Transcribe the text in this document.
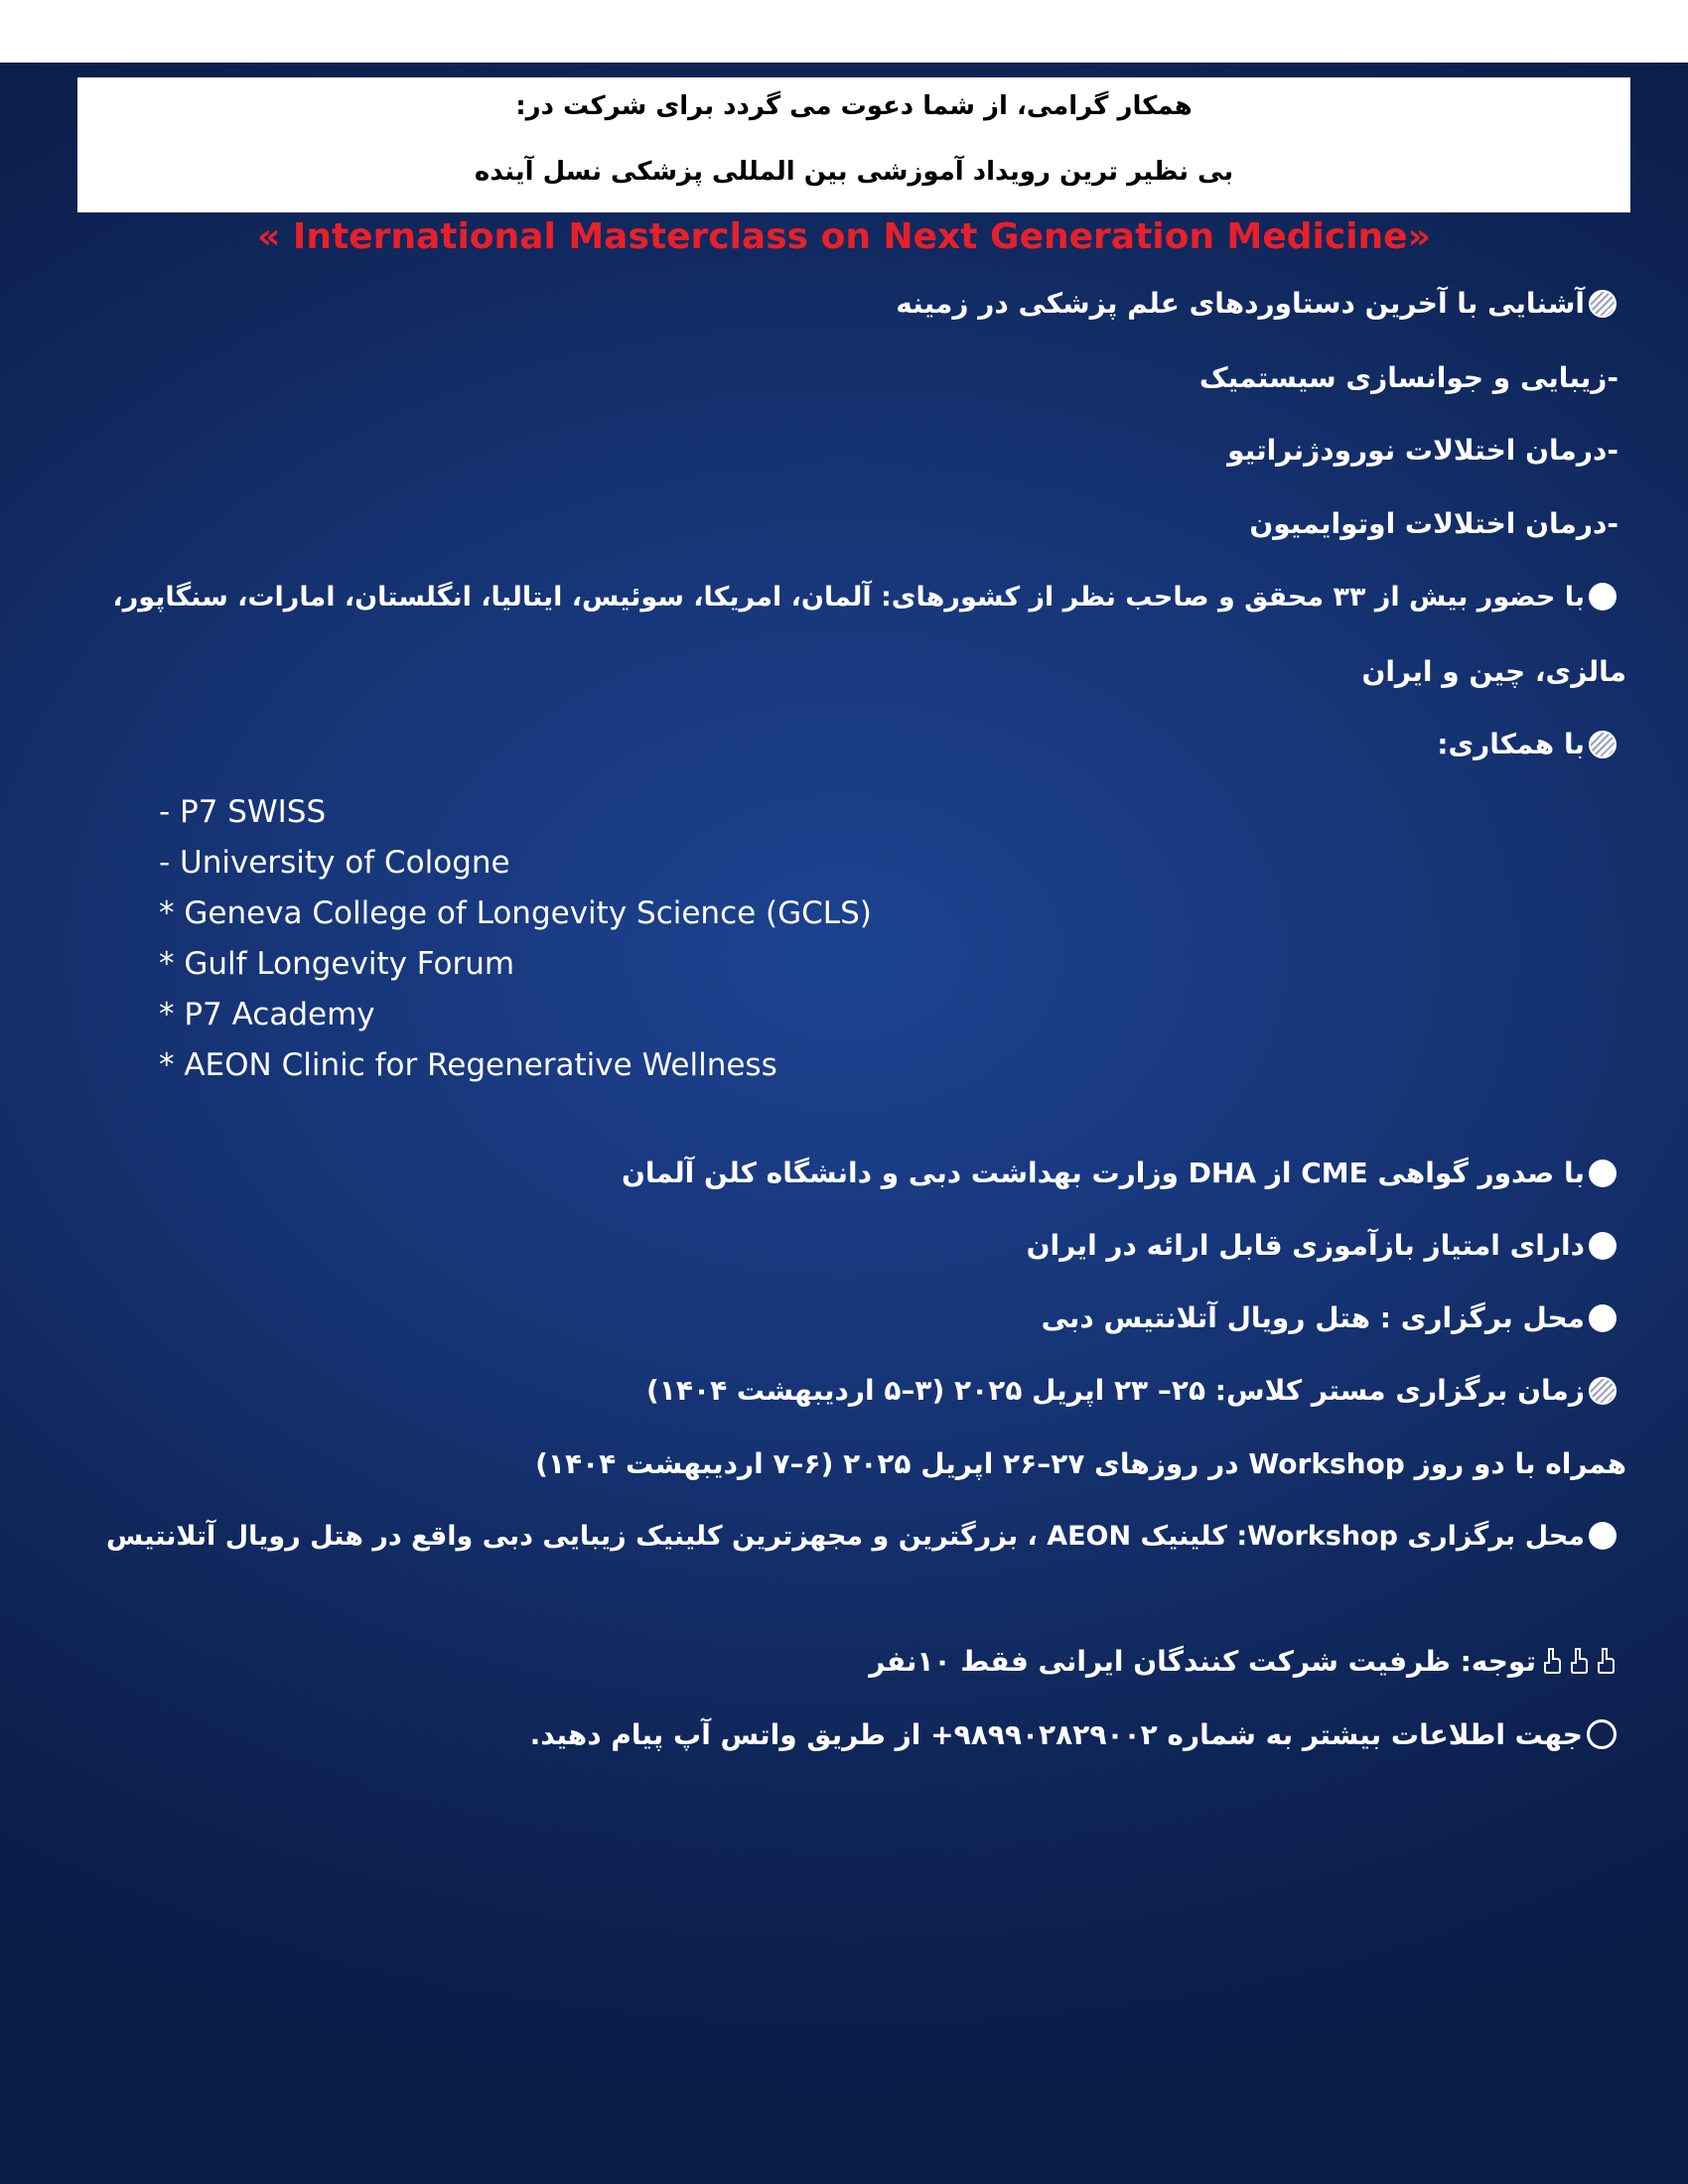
همکار گرامی، از شما دعوت می گردد برای شرکت در:
بی نظیر ترین رویداد آموزشی بین المللی پزشکی نسل آینده
« International Masterclass on Next Generation Medicine»
آشنایی با آخرین دستاوردهای علم پزشکی در زمینه
-زیبایی و جوانسازی سیستمیک
-درمان اختلالات نورودژنراتیو
-درمان اختلالات اوتوایمیون
با حضور بیش از ۳۳ محقق و صاحب نظر از کشورهای: آلمان، امریکا، سوئیس، ایتالیا، انگلستان، امارات، سنگاپور،
مالزی، چین و ایران
با همکاری:
- P7 SWISS
- University of Cologne
* Geneva College of Longevity Science (GCLS)
* Gulf Longevity Forum
* P7 Academy
* AEON Clinic for Regenerative Wellness
با صدور گواهی CME از DHA وزارت بهداشت دبی و دانشگاه کلن آلمان
دارای امتیاز بازآموزی قابل ارائه در ایران
محل برگزاری : هتل رویال آتلانتیس دبی
زمان برگزاری مستر کلاس: ۲۵– ۲۳ اپریل ۲۰۲۵ (۳–۵ اردیبهشت ۱۴۰۴)
همراه با دو روز Workshop در روزهای ۲۷–۲۶ اپریل ۲۰۲۵ (۶–۷ اردیبهشت ۱۴۰۴)
محل برگزاری Workshop: کلینیک AEON ، بزرگترین و مجهزترین کلینیک زیبایی دبی واقع در هتل رویال آتلانتیس
توجه: ظرفیت شرکت کنندگان ایرانی فقط ۱۰نفر
جهت اطلاعات بیشتر به شماره ۹۸۹۹۰۲۸۲۹۰۰۲+ از طریق واتس آپ پیام دهید.
